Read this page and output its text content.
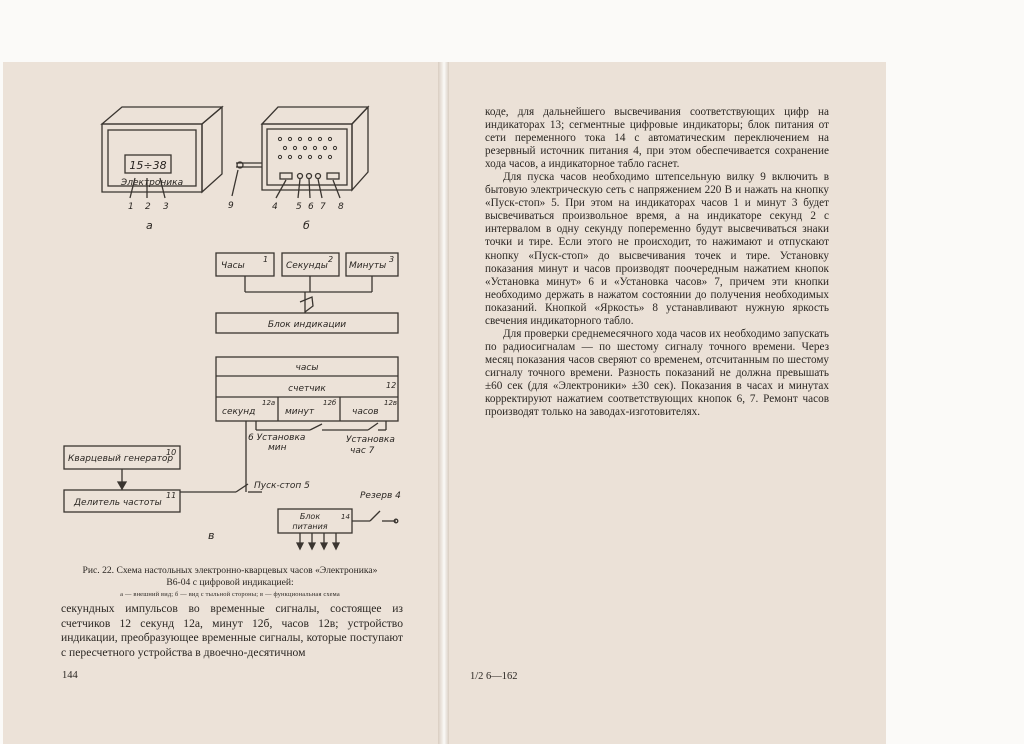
15÷38
Электроника
1 2 3	9	4 5 6 7 8
а	б
Часы
1
Секунды
2
Минуты
3
Блок индикации
часы
счетчик	12
секунд
12а
минут
12б
часов
12в
6 Установка
мин
Установка
час 7
Кварцевый генератор
10
Делитель частоты
11
Пуск-стоп 5
Резерв 4
Блок
питания
14
в
Рис. 22. Схема настольных электронно-кварцевых часов «Электроника»
В6-04 с цифровой индикацией:
а — внешний вид; б — вид с тыльной стороны; в — функциональная схема

секундных импульсов во временные сигналы, состоящее из счетчиков 12 секунд 12а, минут 12б, часов 12в; устройство индикации, преобразующее временные сигналы, которые поступают с пересчетного устройства в двоечно-десятичном

144

коде, для дальнейшего высвечивания соответствующих цифр на индикаторах 13; сегментные цифровые индикаторы; блок питания от сети переменного тока 14 с автоматическим переключением на резервный источник питания 4, при этом обеспечивается сохранение хода часов, а индикаторное табло гаснет.

Для пуска часов необходимо штепсельную вилку 9 включить в бытовую электрическую сеть с напряжением 220 В и нажать на кнопку «Пуск-стоп» 5. При этом на индикаторах часов 1 и минут 3 будет высвечиваться произвольное время, а на индикаторе секунд 2 с интервалом в одну секунду попеременно будут высвечиваться знаки точки и тире. Если этого не происходит, то нажимают и отпускают кнопку «Пуск-стоп» до высвечивания точек и тире. Установку показания минут и часов производят поочередным нажатием кнопок «Установка минут» 6 и «Установка часов» 7, причем эти кнопки необходимо держать в нажатом состоянии до получения необходимых показаний. Кнопкой «Яркость» 8 устанавливают нужную яркость свечения индикаторного табло.

Для проверки среднемесячного хода часов их необходимо запускать по радиосигналам — по шестому сигналу точного времени. Через месяц показания часов сверяют со временем, отсчитанным по шестому сигналу точного времени. Разность показаний не должна превышать ±60 сек (для «Электроники» ±30 сек). Показания в часах и минутах корректируют нажатием соответствующих кнопок 6, 7. Ремонт часов производят только на заводах-изготовителях.

1/2 6—162
